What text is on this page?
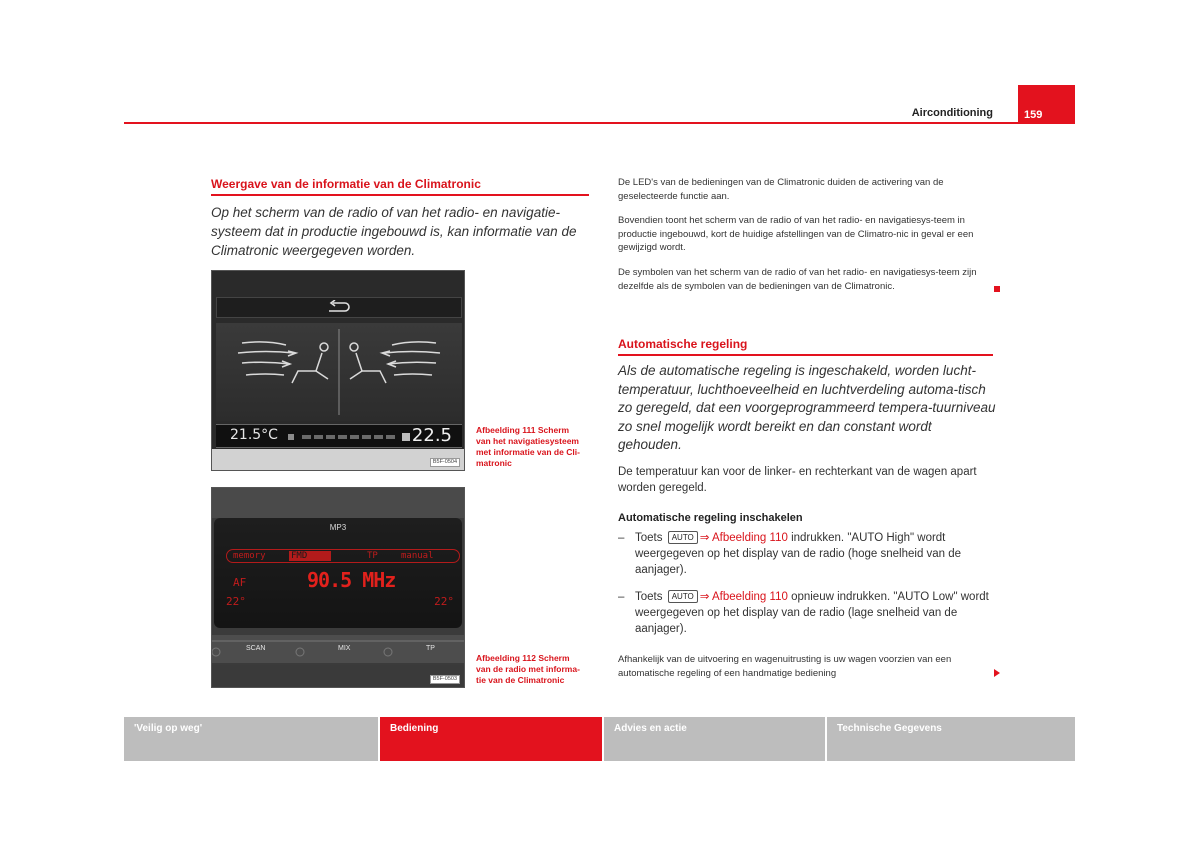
Airconditioning	159
Weergave van de informatie van de Climatronic
Op het scherm van de radio of van het radio- en navigatie-systeem dat in productie ingebouwd is, kan informatie van de Climatronic weergegeven worden.
21.5°C	22.5
B5F-0504
Afbeelding 111 Scherm
van het navigatiesysteem
met informatie van de Cli-
matronic
MP3
memory	FMD	TP	manual
AF	90.5 MHz
22°	22°
SCAN	MIX	TP
B5F-0503
Afbeelding 112 Scherm
van de radio met informa-
tie van de Climatronic
De LED's van de bedieningen van de Climatronic duiden de activering van de geselecteerde functie aan.
Bovendien toont het scherm van de radio of van het radio- en navigatiesys-teem in productie ingebouwd, kort de huidige afstellingen van de Climatro-nic in geval er een gewijzigd wordt.
De symbolen van het scherm van de radio of van het radio- en navigatiesys-teem zijn dezelfde als de symbolen van de bedieningen van de Climatronic.
Automatische regeling
Als de automatische regeling is ingeschakeld, worden lucht-temperatuur, luchthoeveelheid en luchtverdeling automa-tisch zo geregeld, dat een voorgeprogrammeerd tempera-tuurniveau zo snel mogelijk wordt bereikt en dan constant wordt gehouden.
De temperatuur kan voor de linker- en rechterkant van de wagen apart worden geregeld.
Automatische regeling inschakelen
– Toets AUTO ⇒ Afbeelding 110 indrukken. "AUTO High" wordt weergegeven op het display van de radio (hoge snelheid van de aanjager).
– Toets AUTO ⇒ Afbeelding 110 opnieuw indrukken. "AUTO Low" wordt weergegeven op het display van de radio (lage snelheid van de aanjager).
Afhankelijk van de uitvoering en wagenuitrusting is uw wagen voorzien van een automatische regeling of een handmatige bediening
'Veilig op weg'	Bediening	Advies en actie	Technische Gegevens
